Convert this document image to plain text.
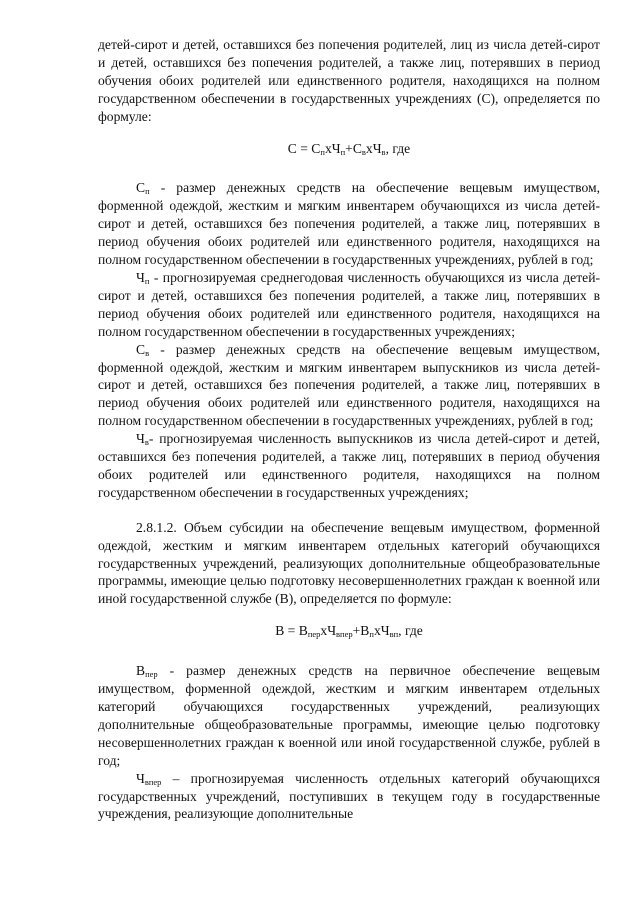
детей-сирот и детей, оставшихся без попечения родителей, лиц из числа детей-сирот и детей, оставшихся без попечения родителей, а также лиц, потерявших в период обучения обоих родителей или единственного родителя, находящихся на полном государственном обеспечении в государственных учреждениях (С), определяется по формуле:

$С = С_пхЧ_п+С_вхЧ_в$, где

$С_п$ - размер денежных средств на обеспечение вещевым имуществом, форменной одеждой, жестким и мягким инвентарем обучающихся из числа детей-сирот и детей, оставшихся без попечения родителей, а также лиц, потерявших в период обучения обоих родителей или единственного родителя, находящихся на полном государственном обеспечении в государственных учреждениях, рублей в год;

$Ч_п$ - прогнозируемая среднегодовая численность обучающихся из числа детей-сирот и детей, оставшихся без попечения родителей, а также лиц, потерявших в период обучения обоих родителей или единственного родителя, находящихся на полном государственном обеспечении в государственных учреждениях;

$С_в$ - размер денежных средств на обеспечение вещевым имуществом, форменной одеждой, жестким и мягким инвентарем выпускников из числа детей-сирот и детей, оставшихся без попечения родителей, а также лиц, потерявших в период обучения обоих родителей или единственного родителя, находящихся на полном государственном обеспечении в государственных учреждениях, рублей в год;

$Ч_в-$ прогнозируемая численность выпускников из числа детей-сирот и детей, оставшихся без попечения родителей, а также лиц, потерявших в период обучения обоих родителей или единственного родителя, находящихся на полном государственном обеспечении в государственных учреждениях;

2.8.1.2. Объем субсидии на обеспечение вещевым имуществом, форменной одеждой, жестким и мягким инвентарем отдельных категорий обучающихся государственных учреждений, реализующих дополнительные общеобразовательные программы, имеющие целью подготовку несовершеннолетних граждан к военной или иной государственной службе (В), определяется по формуле:

$В = В_{пер}хЧ_{впер}+В_пхЧ_{вп}$, где

$В_{пер}$ - размер денежных средств на первичное обеспечение вещевым имуществом, форменной одеждой, жестким и мягким инвентарем отдельных категорий обучающихся государственных учреждений, реализующих дополнительные общеобразовательные программы, имеющие целью подготовку несовершеннолетних граждан к военной или иной государственной службе, рублей в год;

$Ч_{впер}$ – прогнозируемая численность отдельных категорий обучающихся государственных учреждений, поступивших в текущем году в государственные учреждения, реализующие дополнительные
